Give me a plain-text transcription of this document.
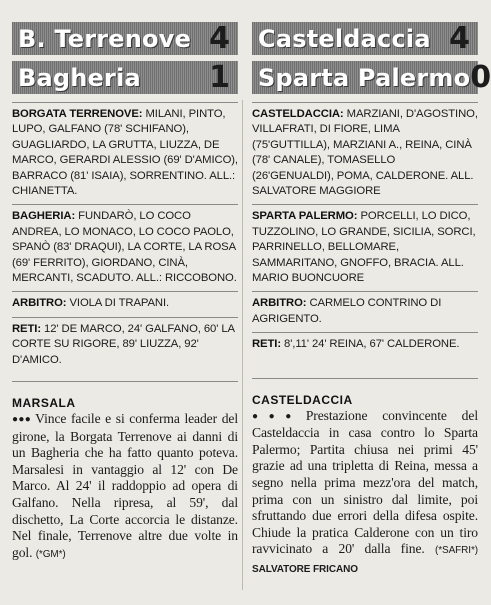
B. Terrenove 4
Bagheria 1
BORGATA TERRENOVE: MILANI, PINTO, LUPO, GALFANO (78' SCHIFANO), GUAGLIARDO, LA GRUTTA, LIUZZA, DE MARCO, GERARDI ALESSIO (69' D'AMICO), BARRACO (81' ISAIA), SORRENTINO. ALL.: CHIANETTA.
BAGHERIA: FUNDARÒ, LO COCO ANDREA, LO MONACO, LO COCO PAOLO, SPANÒ (83' DRAQUI), LA CORTE, LA ROSA (69' FERRITO), GIORDANO, CINÀ, MERCANTI, SCADUTO. ALL.: RICCOBONO.
ARBITRO: VIOLA DI TRAPANI.
RETI: 12' DE MARCO, 24' GALFANO, 60' LA CORTE SU RIGORE, 89' LIUZZA, 92' D'AMICO.
MARSALA
●●● Vince facile e si conferma leader del girone, la Borgata Terrenove ai danni di un Bagheria che ha fatto quanto poteva. Marsalesi in vantaggio al 12' con De Marco. Al 24' il raddoppio ad opera di Galfano. Nella ripresa, al 59', dal dischetto, La Corte accorcia le distanze. Nel finale, Terrenove altre due volte in gol. (*GM*)
Casteldaccia 4
Sparta Palermo 0
CASTELDACCIA: MARZIANI, D'AGOSTINO, VILLAFRATI, DI FIORE, LIMA (75'GUTTILLA), MARZIANI A., REINA, CINÀ (78' CANALE), TOMASELLO (26'GENUALDI), POMA, CALDERONE. ALL. SALVATORE MAGGIORE
SPARTA PALERMO: PORCELLI, LO DICO, TUZZOLINO, LO GRANDE, SICILIA, SORCI, PARRINELLO, BELLOMARE, SAMMARITANO, GNOFFO, BRACIA. ALL. MARIO BUONCUORE
ARBITRO: CARMELO CONTRINO DI AGRIGENTO.
RETI: 8',11' 24' REINA, 67' CALDERONE.
CASTELDACCIA
●●● Prestazione convincente del Casteldaccia in casa contro lo Sparta Palermo; Partita chiusa nei primi 45' grazie ad una tripletta di Reina, messa a segno nella prima mezz'ora del match, prima con un sinistro dal limite, poi sfruttando due errori della difesa ospite. Chiude la pratica Calderone con un tiro ravvicinato a 20' dalla fine. (*SAFRI*) SALVATORE FRICANO
